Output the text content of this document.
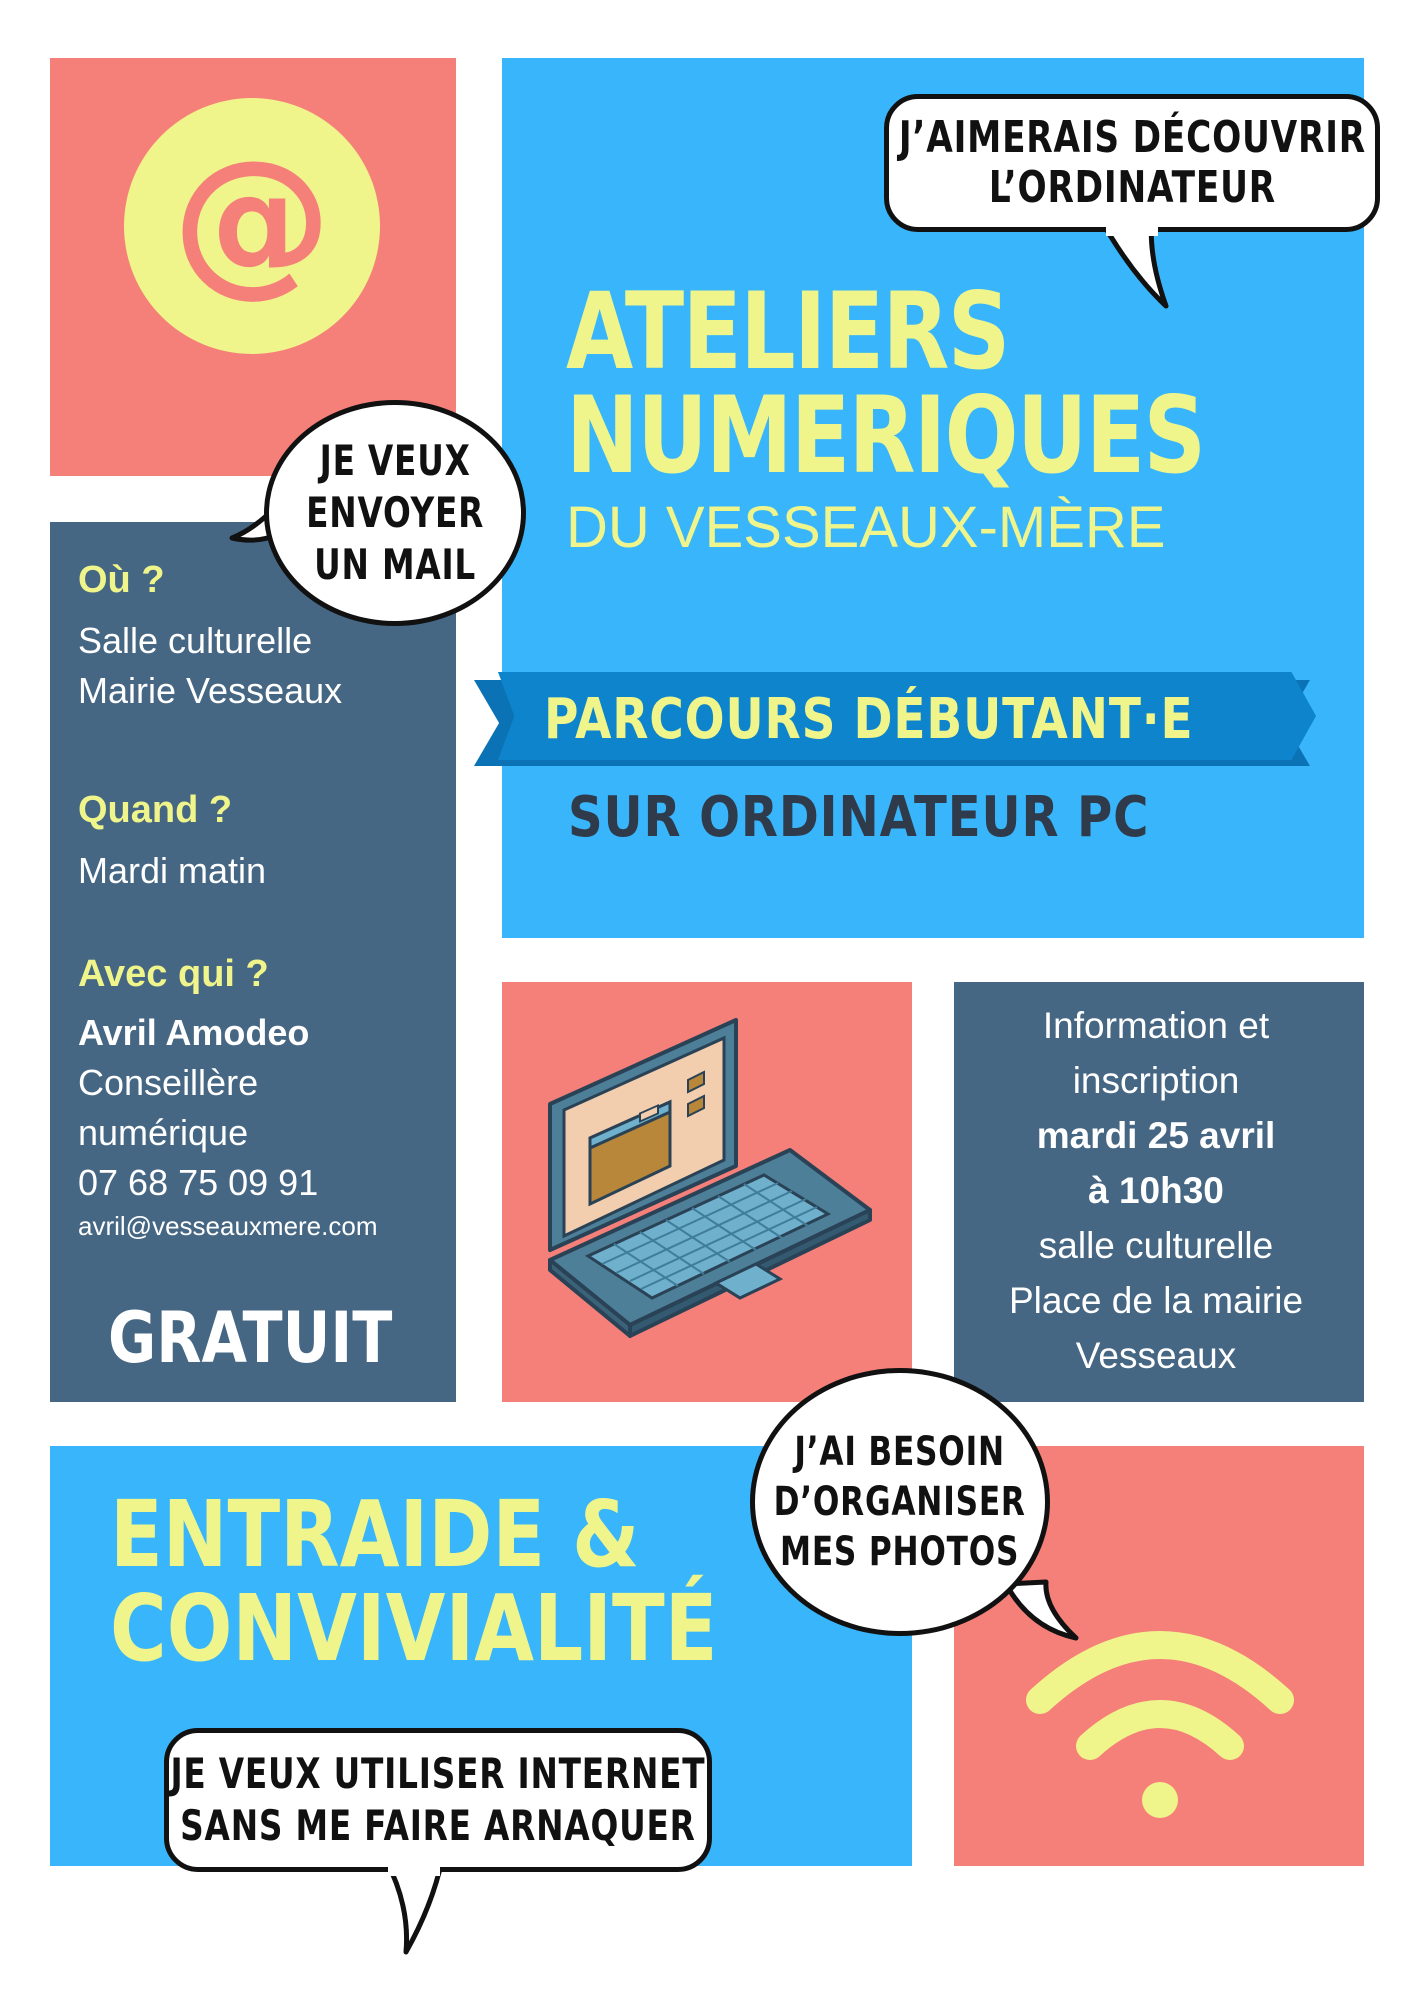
@
ATELIERS
NUMERIQUES
DU VESSEAUX-MÈRE
PARCOURS DÉBUTANT·E
SUR ORDINATEUR PC
J’AIMERAIS DÉCOUVRIR
L’ORDINATEUR
JE VEUX
ENVOYER
UN MAIL
Où ?
Salle culturelle
Mairie Vesseaux
Quand ?
Mardi matin
Avec qui ?
Avril Amodeo
Conseillère
numérique
07 68 75 09 91
avril@vesseauxmere.com
GRATUIT
Information et
inscription
mardi 25 avril
à 10h30
salle culturelle
Place de la mairie
Vesseaux
ENTRAIDE &
CONVIVIALITÉ
J’AI BESOIN
D’ORGANISER
MES PHOTOS
JE VEUX UTILISER INTERNET
SANS ME FAIRE ARNAQUER
